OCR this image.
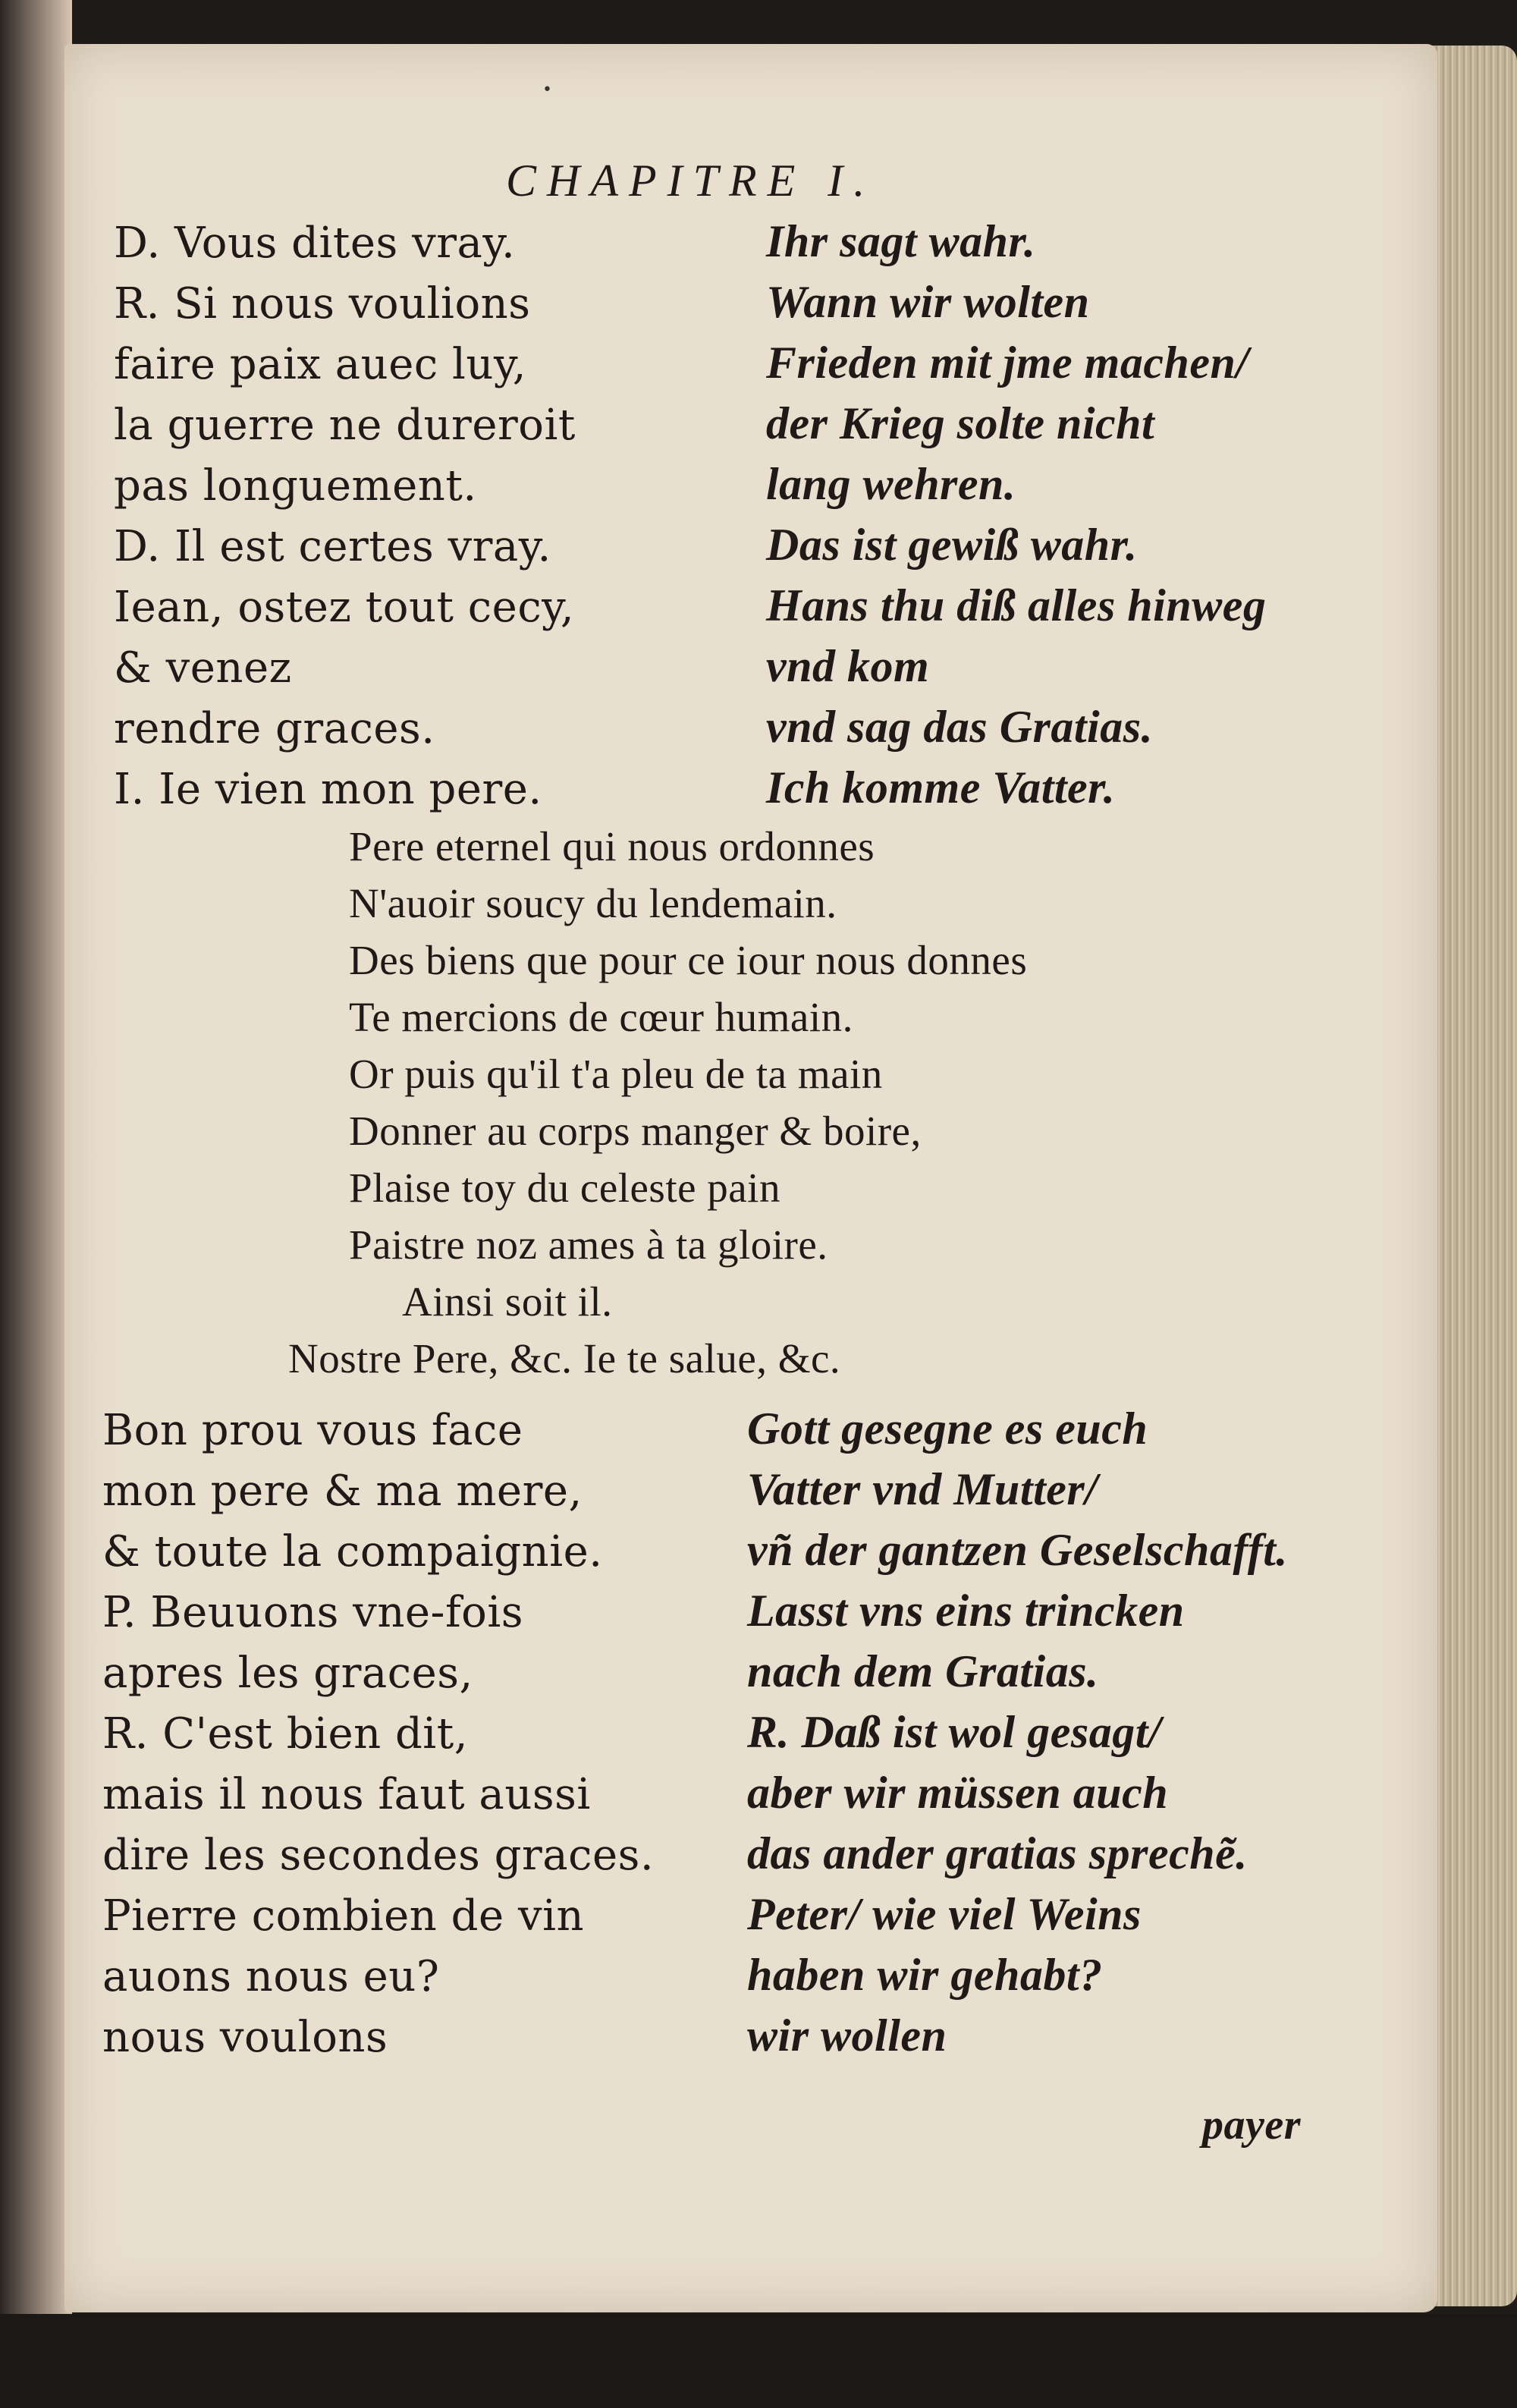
•
CHAPITRE I.
D. Vous dites vray.
R. Si nous voulions
faire paix auec luy,
la guerre ne dureroit
pas longuement.
D. Il est certes vray.
Iean, ostez tout cecy,
& venez
rendre graces.
I. Ie vien mon pere.
Ihr sagt wahr.
Wann wir wolten
Frieden mit jme machen/
der Krieg solte nicht
lang wehren.
Das ist gewiß wahr.
Hans thu diß alles hinweg
vnd kom
vnd sag das Gratias.
Ich komme Vatter.
Pere eternel qui nous ordonnes
N'auoir soucy du lendemain.
Des biens que pour ce iour nous donnes
Te mercions de cœur humain.
Or puis qu'il t'a pleu de ta main
Donner au corps manger & boire,
Plaise toy du celeste pain
Paistre noz ames à ta gloire.
Ainsi soit il.
Nostre Pere, &c. Ie te salue, &c.
Bon prou vous face
mon pere & ma mere,
& toute la compaignie.
P. Beuuons vne-fois
apres les graces,
R. C'est bien dit,
mais il nous faut aussi
dire les secondes graces.
Pierre combien de vin
auons nous eu?
nous voulons
Gott gesegne es euch
Vatter vnd Mutter/
vñ der gantzen Geselschafft.
Lasst vns eins trincken
nach dem Gratias.
R. Daß ist wol gesagt/
aber wir müssen auch
das ander gratias sprechẽ.
Peter/ wie viel Weins
haben wir gehabt?
wir wollen
payer
